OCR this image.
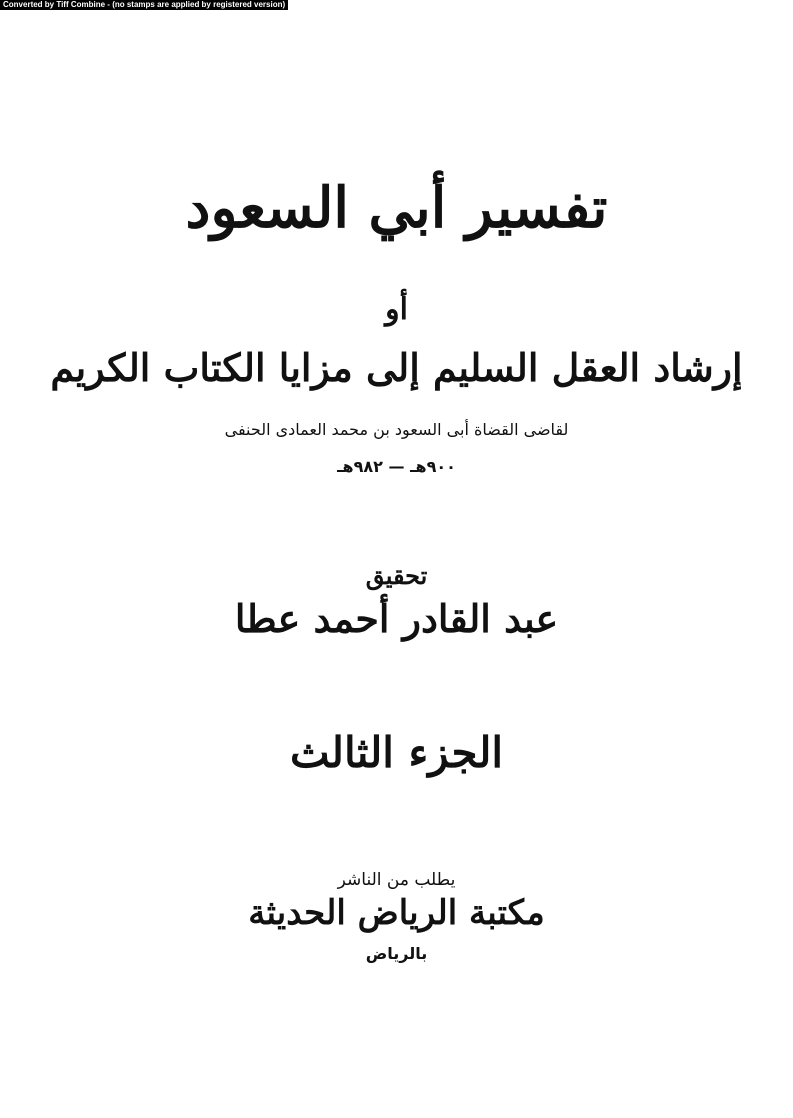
Converted by Tiff Combine - (no stamps are applied by registered version)
تفسير أبي السعود
أو
إرشاد العقل السليم إلى مزايا الكتاب الكريم
لقاضى القضاة أبى السعود بن محمد العمادى الحنفى
٩٠٠هـ — ٩٨٢هـ
تحقيق
عبد القادر أحمد عطا
الجزء الثالث
يطلب من الناشر
مكتبة الرياض الحديثة
بالرياض
